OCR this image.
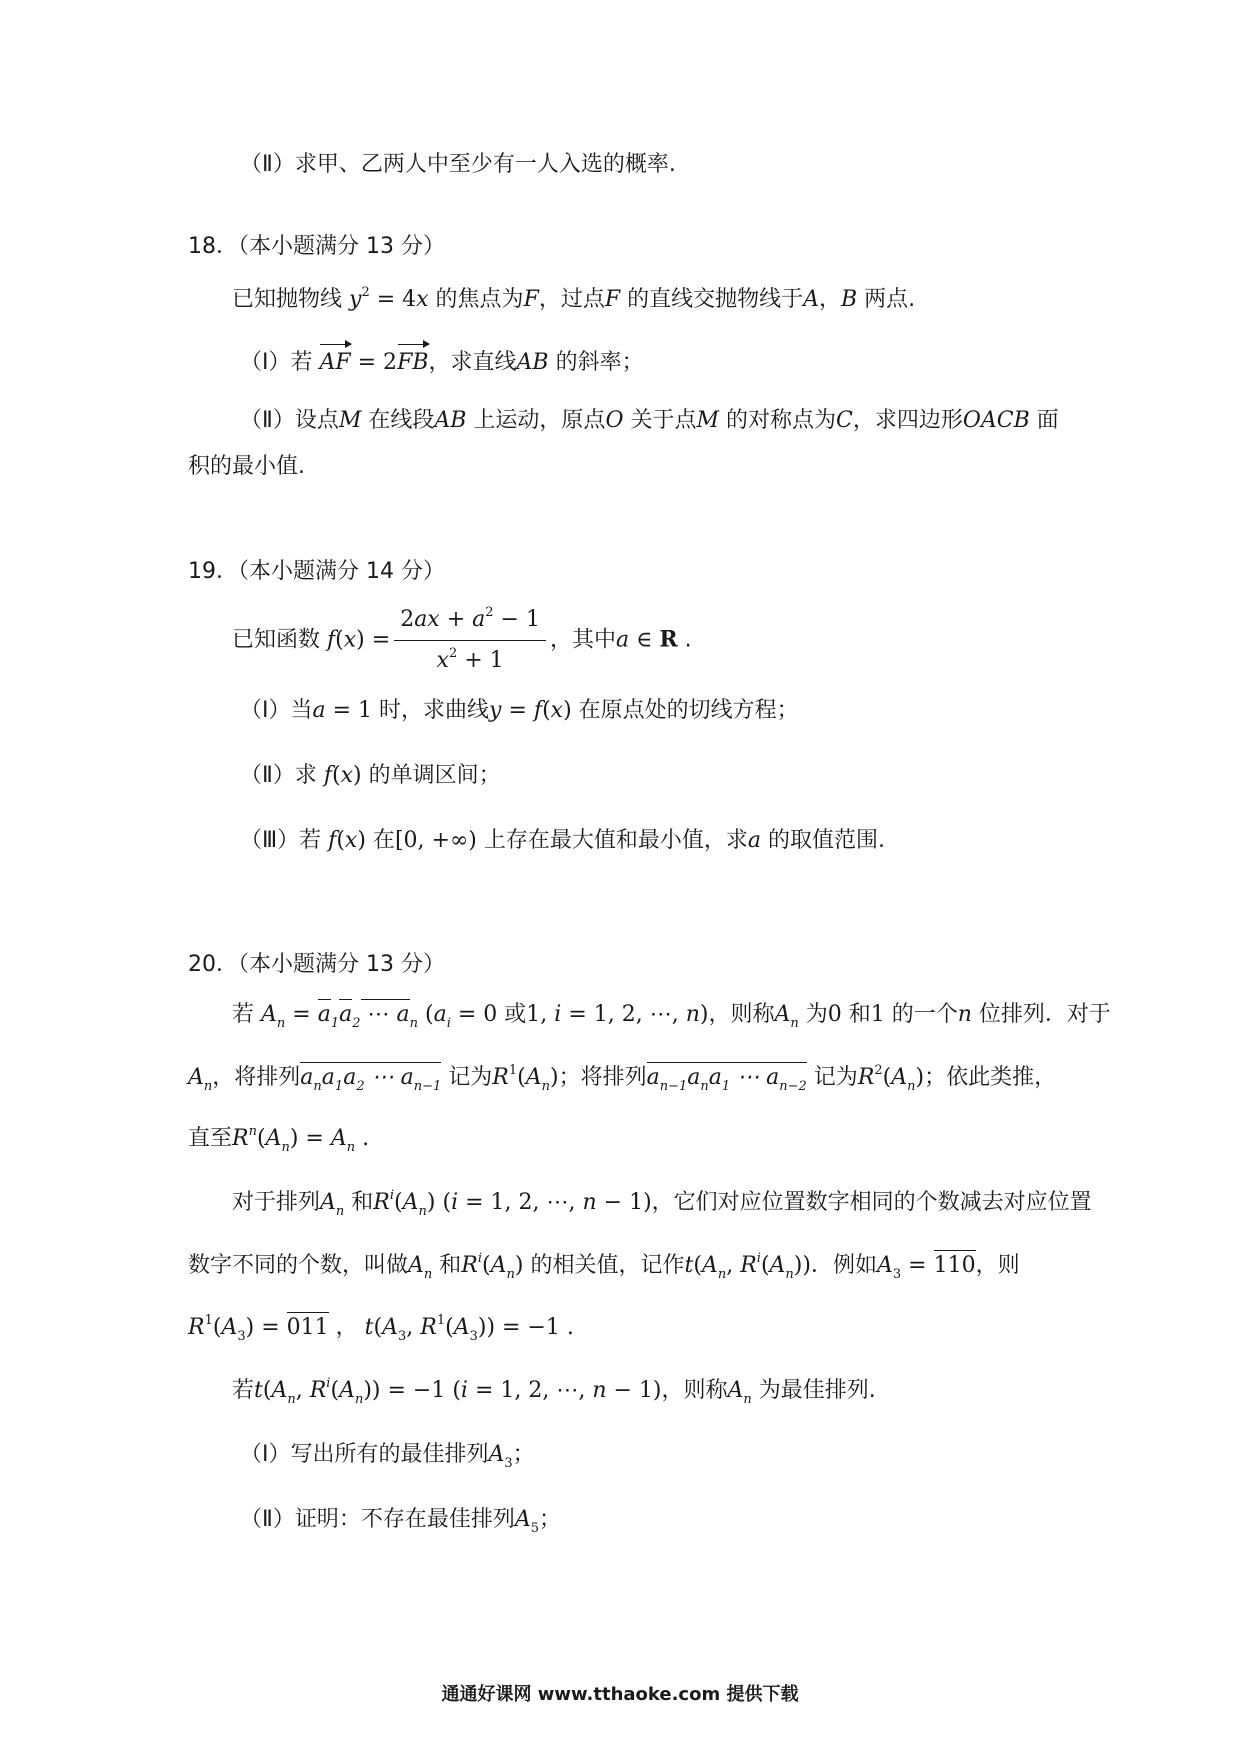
（Ⅱ）求甲、乙两人中至少有一人入选的概率.
18．（本小题满分 13 分）
已知抛物线 $y^2 = 4x$ 的焦点为F，过点F 的直线交抛物线于A，B 两点.
（Ⅰ）若 AF = 2FB，求直线AB 的斜率；
（Ⅱ）设点M 在线段AB 上运动，原点O 关于点M 的对称点为C，求四边形OACB 面
积的最小值.
19．（本小题满分 14 分）
已知函数 $f(x) = \frac{2ax + a^2 - 1}{x^2 + 1}$ ，其中a ∈ R .
（Ⅰ）当a = 1 时，求曲线y = f(x) 在原点处的切线方程；
（Ⅱ）求 f(x) 的单调区间；
（Ⅲ）若 f(x) 在[0, +∞) 上存在最大值和最小值，求a 的取值范围.
20．（本小题满分 13 分）
若 $A_n = a_1a_2$ ⋯ $a_n$ ($a_i = 0$ 或1, i = 1, 2, ⋯, n)，则称$A_n$ 为0 和1 的一个n 位排列．对于
$A_n$，将排列$a_na_1a_2$ ⋯ $a_{n-1}$ 记为$R^1(A_n)$；将排列$a_{n-1}a_na_1$ ⋯ $a_{n-2}$ 记为$R^2(A_n)$；依此类推，
直至$R^n(A_n) = A_n$ .
对于排列$A_n$ 和$R^i(A_n) (i = 1$, 2, ⋯, n − 1)，它们对应位置数字相同的个数减去对应位置
数字不同的个数，叫做$A_n$ 和$R^i(A_n)$ 的相关值，记作$t(A_n$, $R^i(A_n)$)．例如$A_3 = 110$，则
$R^1(A_3) = 011$ ， $t(A_3$, $R^1(A_3)) = -1$ .
若$t(A_n$, $R^i(A_n)) = -1$ (i = 1, 2, ⋯, n − 1)，则称$A_n$ 为最佳排列.
（Ⅰ）写出所有的最佳排列$A_3$；
（Ⅱ）证明：不存在最佳排列$A_5$；
通通好课网 www.tthaoke.com 提供下载
